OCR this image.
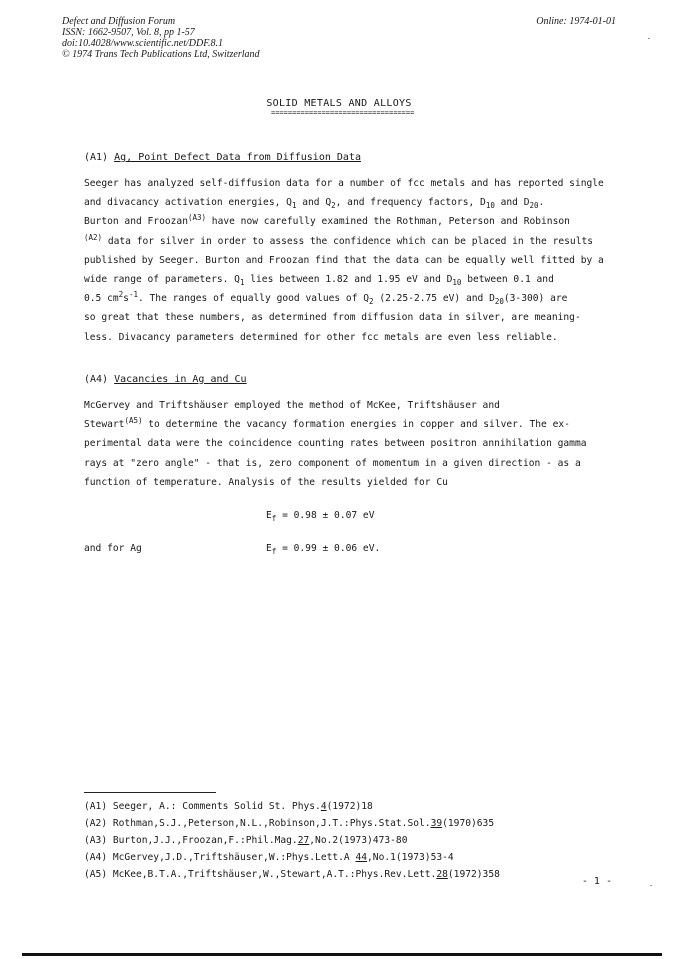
Defect and Diffusion Forum
ISSN: 1662-9507, Vol. 8, pp 1-57
doi:10.4028/www.scientific.net/DDF.8.1
© 1974 Trans Tech Publications Ltd, Switzerland
Online: 1974-01-01
SOLID METALS AND ALLOYS
==================================
(A1) Ag, Point Defect Data from Diffusion Data
Seeger has analyzed self-diffusion data for a number of fcc metals and has reported single
and divacancy activation energies, $Q_1$ and $Q_2$, and frequency factors, $D_{10}$ and $D_{20}$.
Burton and Froozan$^{(A3)}$ have now carefully examined the Rothman, Peterson and Robinson
$^{(A2)}$ data for silver in order to assess the confidence which can be placed in the results
published by Seeger. Burton and Froozan find that the data can be equally well fitted by a
wide range of parameters. $Q_1$ lies between 1.82 and 1.95 eV and $D_{10}$ between 0.1 and
0.5 $cm^2s^{-1}$. The ranges of equally good values of $Q_2$ (2.25-2.75 eV) and $D_{20}(3-300)$ are
so great that these numbers, as determined from diffusion data in silver, are meaning-
less. Divacancy parameters determined for other fcc metals are even less reliable.
(A4) Vacancies in Ag and Cu
McGervey and Triftshäuser employed the method of McKee, Triftshäuser and
Stewart$^{(A5)}$ to determine the vacancy formation energies in copper and silver. The ex-
perimental data were the coincidence counting rates between positron annihilation gamma
rays at "zero angle" - that is, zero component of momentum in a given direction - as a
function of temperature. Analysis of the results yielded for Cu
$E_f = 0.98 \pm 0.07$ eV
and for Ag	$E_f = 0.99 \pm 0.06$ eV.
(A1) Seeger, A.: Comments Solid St. Phys.4(1972)18
(A2) Rothman,S.J.,Peterson,N.L.,Robinson,J.T.:Phys.Stat.Sol.39(1970)635
(A3) Burton,J.J.,Froozan,F.:Phil.Mag.27,No.2(1973)473-80
(A4) McGervey,J.D.,Triftshäuser,W.:Phys.Lett.A 44,No.1(1973)53-4
(A5) McKee,B.T.A.,Triftshäuser,W.,Stewart,A.T.:Phys.Rev.Lett.28(1972)358
- 1 -
